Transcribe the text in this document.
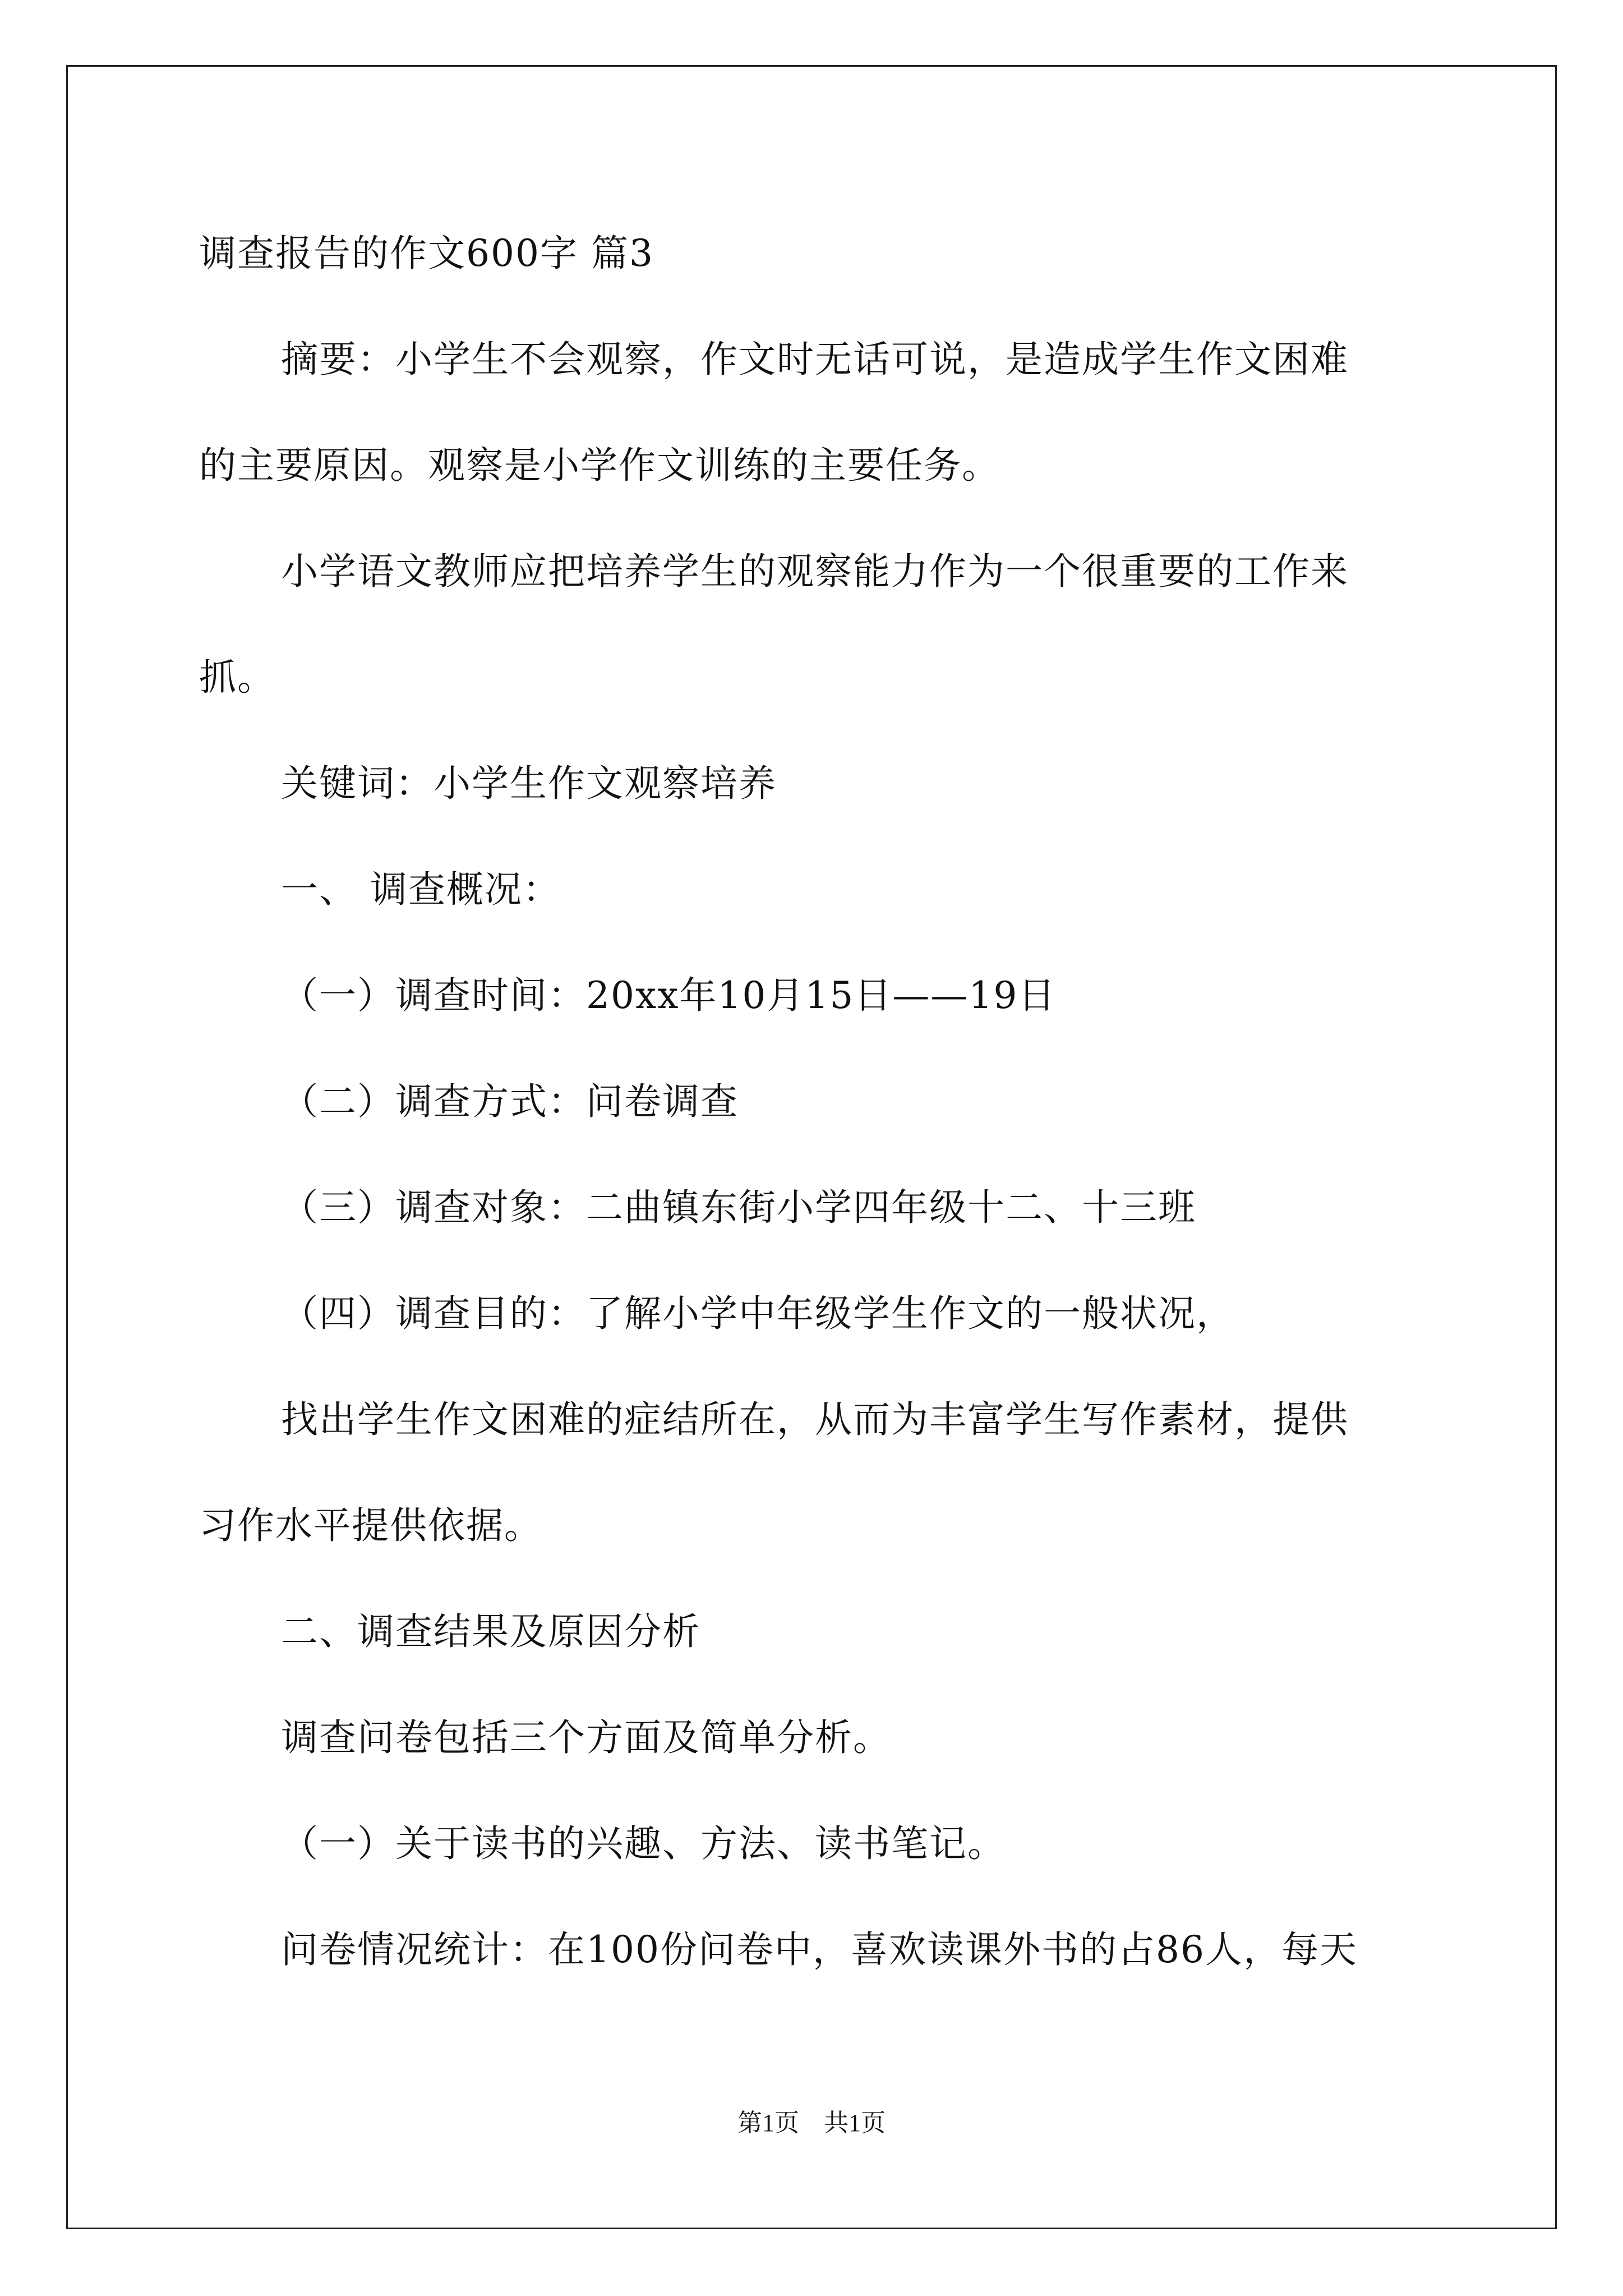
调查报告的作文600字 篇3
摘要：小学生不会观察，作文时无话可说，是造成学生作文困难
的主要原因。观察是小学作文训练的主要任务。
小学语文教师应把培养学生的观察能力作为一个很重要的工作来
抓。
关键词：小学生作文观察培养
一、 调查概况：
（一）调查时间：20xx年10月15日——19日
（二）调查方式：问卷调查
（三）调查对象：二曲镇东街小学四年级十二、十三班
（四）调查目的：了解小学中年级学生作文的一般状况，
找出学生作文困难的症结所在，从而为丰富学生写作素材，提供
习作水平提供依据。
二、调查结果及原因分析
调查问卷包括三个方面及简单分析。
（一）关于读书的兴趣、方法、读书笔记。
问卷情况统计：在100份问卷中，喜欢读课外书的占86人，每天
第1页　共1页
